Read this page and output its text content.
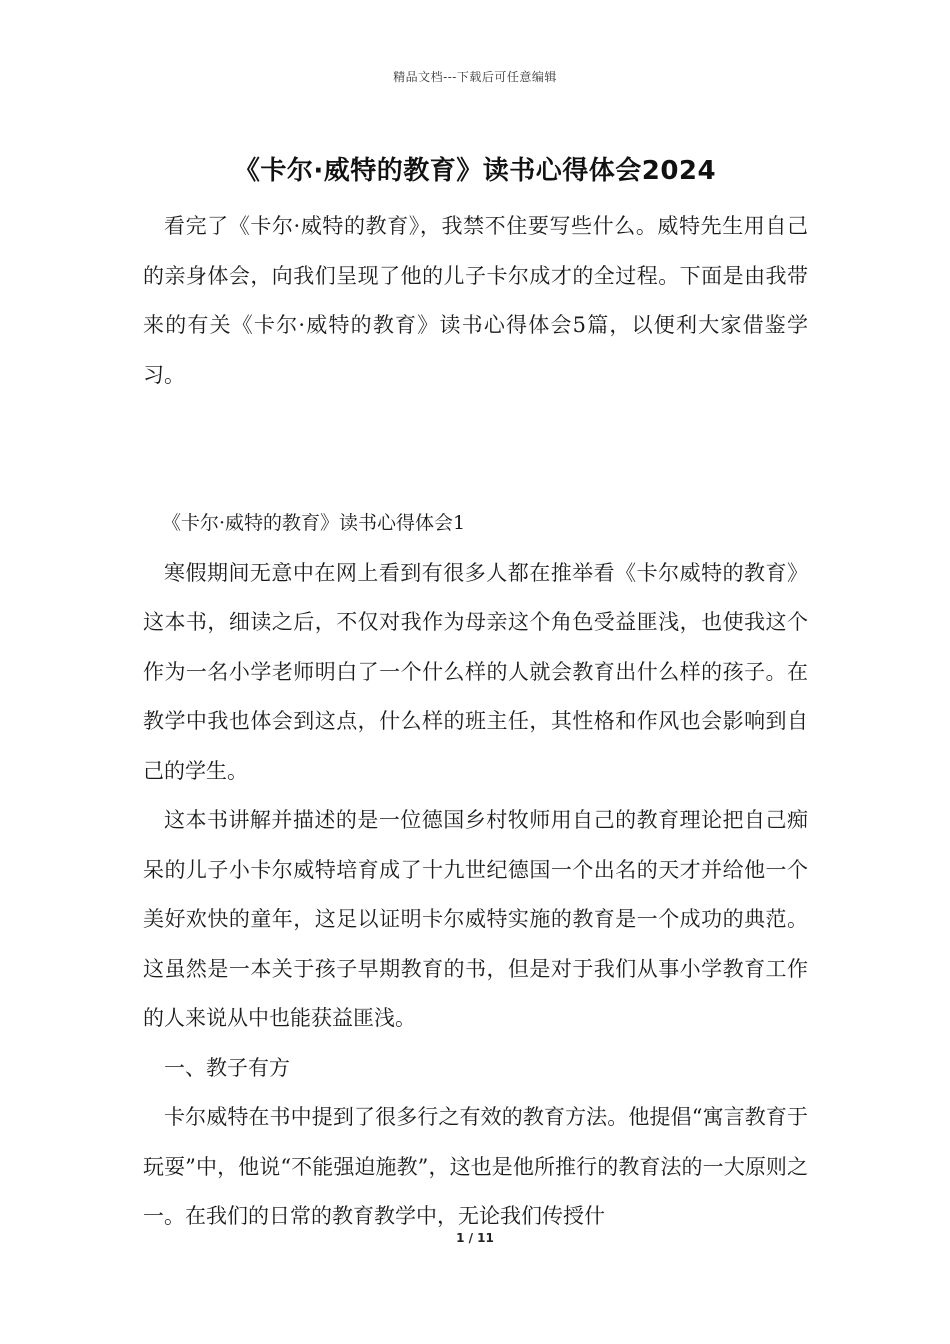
精品文档---下载后可任意编辑
《卡尔·威特的教育》读书心得体会2024

看完了《卡尔·威特的教育》，我禁不住要写些什么。威特先生用自己的亲身体会，向我们呈现了他的儿子卡尔成才的全过程。下面是由我带来的有关《卡尔·威特的教育》读书心得体会5篇，以便利大家借鉴学习。

《卡尔·威特的教育》读书心得体会1

寒假期间无意中在网上看到有很多人都在推举看《卡尔威特的教育》这本书，细读之后，不仅对我作为母亲这个角色受益匪浅，也使我这个作为一名小学老师明白了一个什么样的人就会教育出什么样的孩子。在教学中我也体会到这点，什么样的班主任，其性格和作风也会影响到自己的学生。

这本书讲解并描述的是一位德国乡村牧师用自己的教育理论把自己痴呆的儿子小卡尔威特培育成了十九世纪德国一个出名的天才并给他一个美好欢快的童年，这足以证明卡尔威特实施的教育是一个成功的典范。这虽然是一本关于孩子早期教育的书，但是对于我们从事小学教育工作的人来说从中也能获益匪浅。

一、教子有方

卡尔威特在书中提到了很多行之有效的教育方法。他提倡“寓言教育于玩耍”中，他说“不能强迫施教”，这也是他所推行的教育法的一大原则之一。在我们的日常的教育教学中，无论我们传授什

1 / 11
